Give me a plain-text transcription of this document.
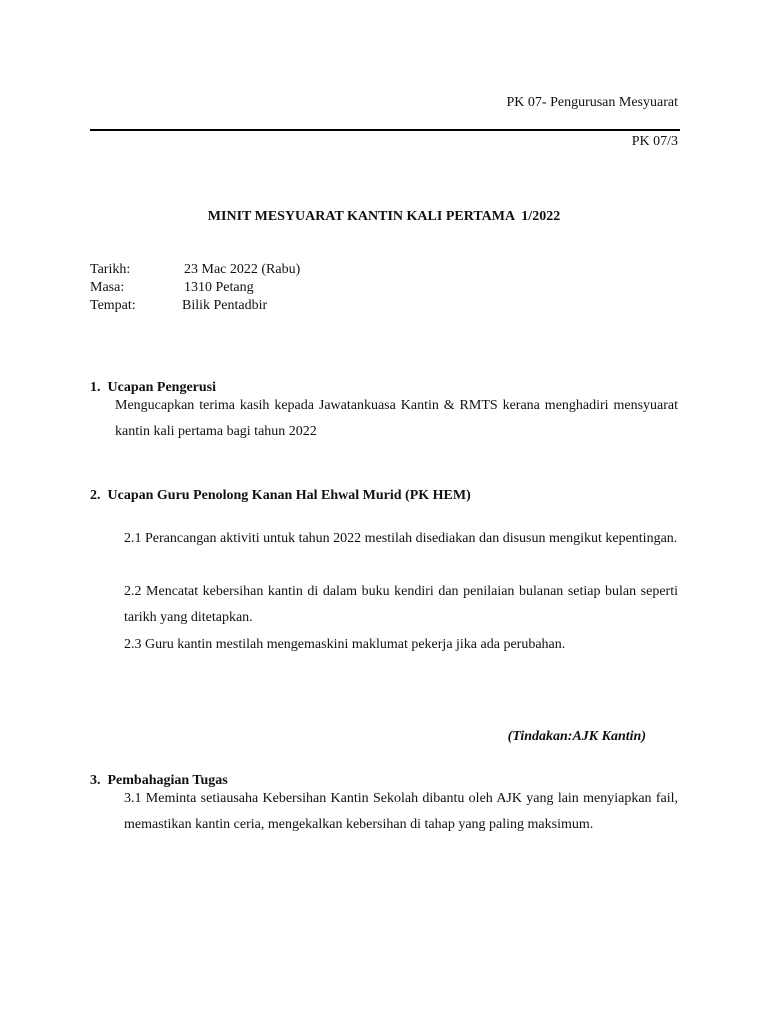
PK 07- Pengurusan Mesyuarat
PK 07/3
MINIT MESYUARAT KANTIN KALI PERTAMA  1/2022
Tarikh:	23 Mac 2022 (Rabu)
Masa:	1310 Petang
Tempat:	Bilik Pentadbir
1.  Ucapan Pengerusi
Mengucapkan terima kasih kepada Jawatankuasa Kantin & RMTS kerana menghadiri mensyuarat kantin kali pertama bagi tahun 2022
2.  Ucapan Guru Penolong Kanan Hal Ehwal Murid (PK HEM)
2.1 Perancangan aktiviti untuk tahun 2022 mestilah disediakan dan disusun mengikut kepentingan.
2.2 Mencatat kebersihan kantin di dalam buku kendiri dan penilaian bulanan setiap bulan seperti tarikh yang ditetapkan.
2.3 Guru kantin mestilah mengemaskini maklumat pekerja jika ada perubahan.
(Tindakan:AJK Kantin)
3.  Pembahagian Tugas
3.1 Meminta setiausaha Kebersihan Kantin Sekolah dibantu oleh AJK yang lain menyiapkan fail, memastikan kantin ceria, mengekalkan kebersihan di tahap yang paling maksimum.
